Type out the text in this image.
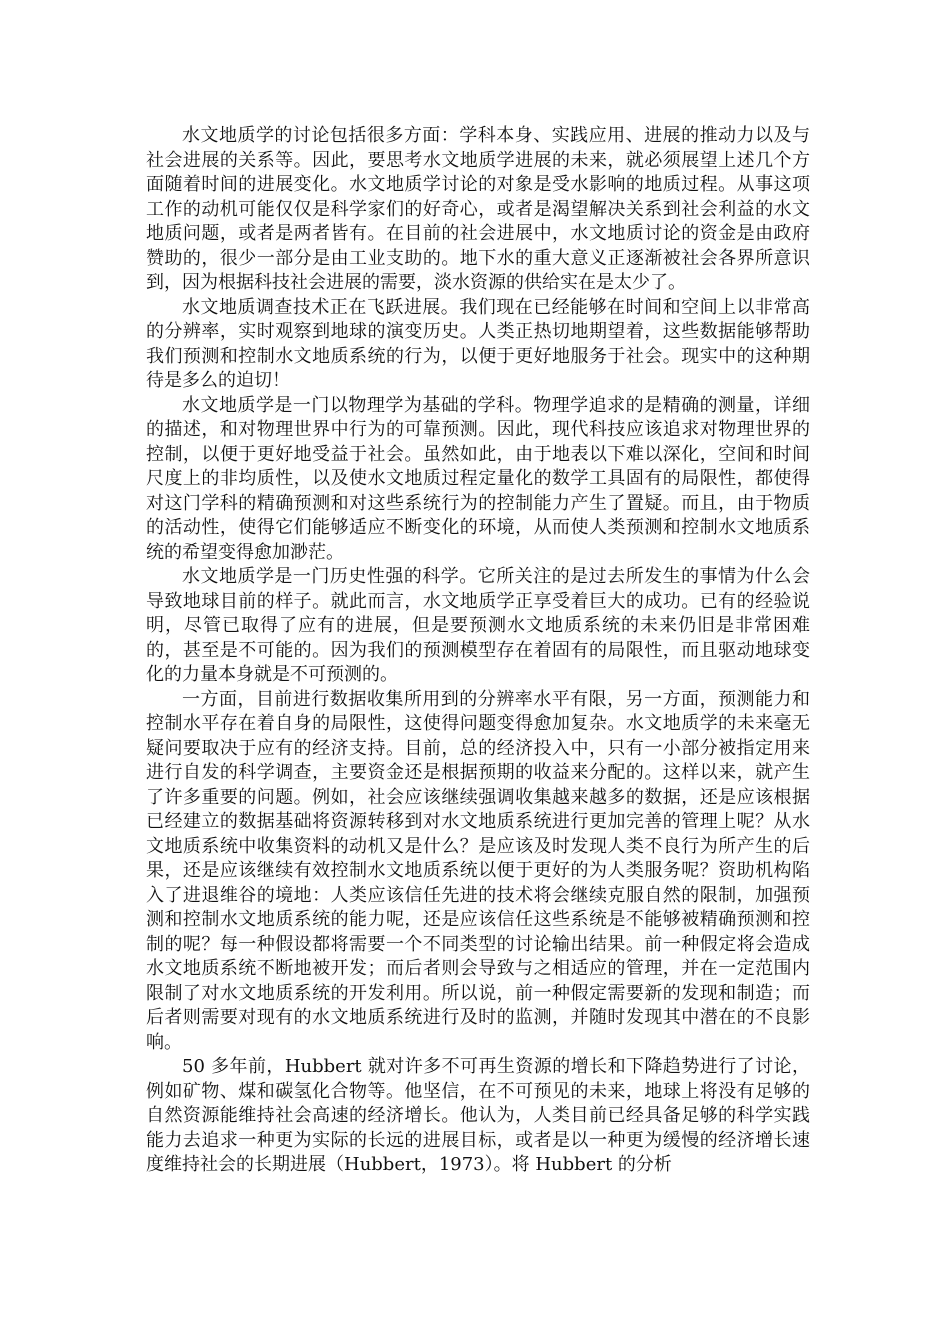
水文地质学的讨论包括很多方面：学科本身、实践应用、进展的推动力以及与社会进展的关系等。因此，要思考水文地质学进展的未来，就必须展望上述几个方面随着时间的进展变化。水文地质学讨论的对象是受水影响的地质过程。从事这项工作的动机可能仅仅是科学家们的好奇心，或者是渴望解决关系到社会利益的水文地质问题，或者是两者皆有。在目前的社会进展中，水文地质讨论的资金是由政府赞助的，很少一部分是由工业支助的。地下水的重大意义正逐渐被社会各界所意识到，因为根据科技社会进展的需要，淡水资源的供给实在是太少了。

水文地质调查技术正在飞跃进展。我们现在已经能够在时间和空间上以非常高的分辨率，实时观察到地球的演变历史。人类正热切地期望着，这些数据能够帮助我们预测和控制水文地质系统的行为，以便于更好地服务于社会。现实中的这种期待是多么的迫切！

水文地质学是一门以物理学为基础的学科。物理学追求的是精确的测量，详细的描述，和对物理世界中行为的可靠预测。因此，现代科技应该追求对物理世界的控制，以便于更好地受益于社会。虽然如此，由于地表以下难以深化，空间和时间尺度上的非均质性，以及使水文地质过程定量化的数学工具固有的局限性，都使得对这门学科的精确预测和对这些系统行为的控制能力产生了置疑。而且，由于物质的活动性，使得它们能够适应不断变化的环境，从而使人类预测和控制水文地质系统的希望变得愈加渺茫。

水文地质学是一门历史性强的科学。它所关注的是过去所发生的事情为什么会导致地球目前的样子。就此而言，水文地质学正享受着巨大的成功。已有的经验说明，尽管已取得了应有的进展，但是要预测水文地质系统的未来仍旧是非常困难的，甚至是不可能的。因为我们的预测模型存在着固有的局限性，而且驱动地球变化的力量本身就是不可预测的。

一方面，目前进行数据收集所用到的分辨率水平有限，另一方面，预测能力和控制水平存在着自身的局限性，这使得问题变得愈加复杂。水文地质学的未来毫无疑问要取决于应有的经济支持。目前，总的经济投入中，只有一小部分被指定用来进行自发的科学调查，主要资金还是根据预期的收益来分配的。这样以来，就产生了许多重要的问题。例如，社会应该继续强调收集越来越多的数据，还是应该根据已经建立的数据基础将资源转移到对水文地质系统进行更加完善的管理上呢？从水文地质系统中收集资料的动机又是什么？是应该及时发现人类不良行为所产生的后果，还是应该继续有效控制水文地质系统以便于更好的为人类服务呢？资助机构陷入了进退维谷的境地：人类应该信任先进的技术将会继续克服自然的限制，加强预测和控制水文地质系统的能力呢，还是应该信任这些系统是不能够被精确预测和控制的呢？每一种假设都将需要一个不同类型的讨论输出结果。前一种假定将会造成水文地质系统不断地被开发；而后者则会导致与之相适应的管理，并在一定范围内限制了对水文地质系统的开发利用。所以说，前一种假定需要新的发现和制造；而后者则需要对现有的水文地质系统进行及时的监测，并随时发现其中潜在的不良影响。

50 多年前，Hubbert 就对许多不可再生资源的增长和下降趋势进行了讨论，例如矿物、煤和碳氢化合物等。他坚信，在不可预见的未来，地球上将没有足够的自然资源能维持社会高速的经济增长。他认为，人类目前已经具备足够的科学实践能力去追求一种更为实际的长远的进展目标，或者是以一种更为缓慢的经济增长速度维持社会的长期进展（Hubbert，1973）。将 Hubbert 的分析
